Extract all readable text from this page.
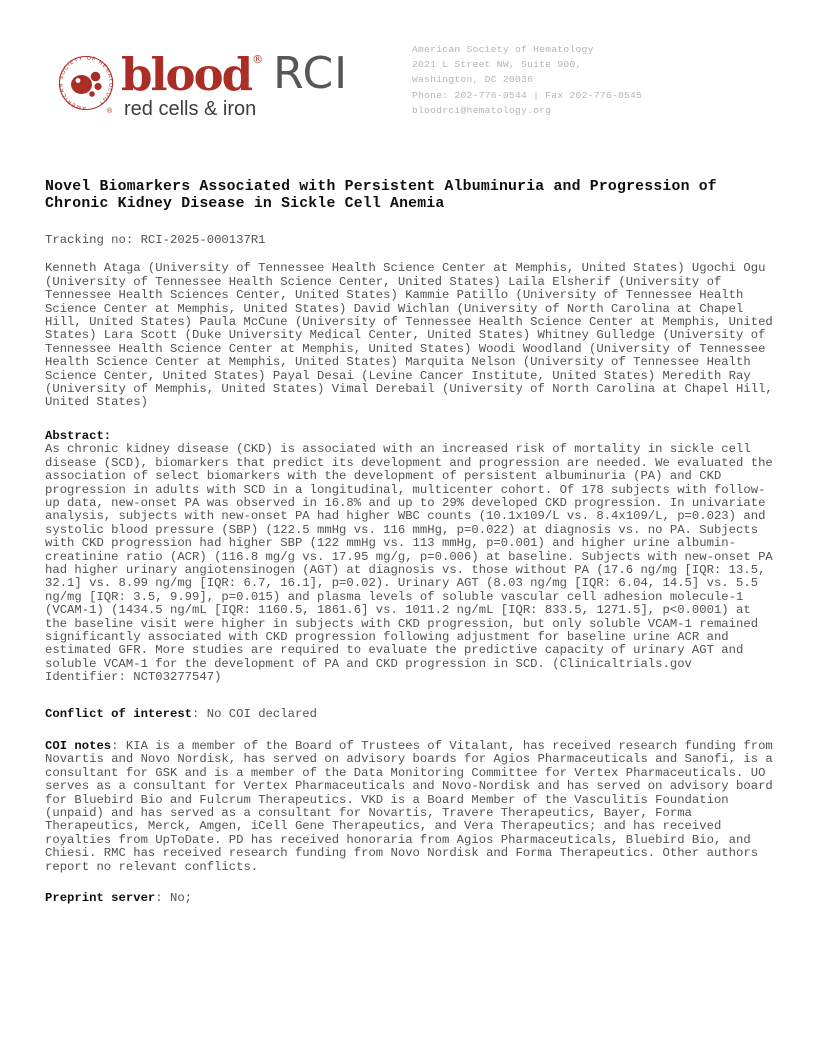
AMERICAN SOCIETY OF HEMATOLOGY
®
blood ® RCI
red cells & iron
American Society of Hematology
2021 L Street NW, Suite 900,
Washington, DC 20036
Phone: 202-776-0544 | Fax 202-776-0545
bloodrci@hematology.org
Novel Biomarkers Associated with Persistent Albuminuria and Progression of Chronic Kidney Disease in Sickle Cell Anemia

Tracking no: RCI-2025-000137R1

Kenneth Ataga (University of Tennessee Health Science Center at Memphis, United States) Ugochi Ogu (University of Tennessee Health Science Center, United States) Laila Elsherif (University of Tennessee Health Sciences Center, United States) Kammie Patillo (University of Tennessee Health Science Center at Memphis, United States) David Wichlan (University of North Carolina at Chapel Hill, United States) Paula McCune (University of Tennessee Health Science Center at Memphis, United States) Lara Scott (Duke University Medical Center, United States) Whitney Gulledge (University of Tennessee Health Science Center at Memphis, United States) Woodi Woodland (University of Tennessee Health Science Center at Memphis, United States) Marquita Nelson (University of Tennessee Health Science Center, United States) Payal Desai (Levine Cancer Institute, United States) Meredith Ray (University of Memphis, United States) Vimal Derebail (University of North Carolina at Chapel Hill, United States)

Abstract:

As chronic kidney disease (CKD) is associated with an increased risk of mortality in sickle cell disease (SCD), biomarkers that predict its development and progression are needed. We evaluated the association of select biomarkers with the development of persistent albuminuria (PA) and CKD progression in adults with SCD in a longitudinal, multicenter cohort. Of 178 subjects with follow-up data, new-onset PA was observed in 16.8% and up to 29% developed CKD progression. In univariate analysis, subjects with new-onset PA had higher WBC counts (10.1x109/L vs. 8.4x109/L, p=0.023) and systolic blood pressure (SBP) (122.5 mmHg vs. 116 mmHg, p=0.022) at diagnosis vs. no PA. Subjects with CKD progression had higher SBP (122 mmHg vs. 113 mmHg, p=0.001) and higher urine albumin-creatinine ratio (ACR) (116.8 mg/g vs. 17.95 mg/g, p=0.006) at baseline. Subjects with new-onset PA had higher urinary angiotensinogen (AGT) at diagnosis vs. those without PA (17.6 ng/mg [IQR: 13.5, 32.1] vs. 8.99 ng/mg [IQR: 6.7, 16.1], p=0.02). Urinary AGT (8.03 ng/mg [IQR: 6.04, 14.5] vs. 5.5 ng/mg [IQR: 3.5, 9.99], p=0.015) and plasma levels of soluble vascular cell adhesion molecule-1 (VCAM-1) (1434.5 ng/mL [IQR: 1160.5, 1861.6] vs. 1011.2 ng/mL [IQR: 833.5, 1271.5], p<0.0001) at the baseline visit were higher in subjects with CKD progression, but only soluble VCAM-1 remained significantly associated with CKD progression following adjustment for baseline urine ACR and estimated GFR. More studies are required to evaluate the predictive capacity of urinary AGT and soluble VCAM-1 for the development of PA and CKD progression in SCD. (Clinicaltrials.gov Identifier: NCT03277547)

Conflict of interest: No COI declared

COI notes: KIA is a member of the Board of Trustees of Vitalant, has received research funding from Novartis and Novo Nordisk, has served on advisory boards for Agios Pharmaceuticals and Sanofi, is a consultant for GSK and is a member of the Data Monitoring Committee for Vertex Pharmaceuticals. UO serves as a consultant for Vertex Pharmaceuticals and Novo-Nordisk and has served on advisory board for Bluebird Bio and Fulcrum Therapeutics. VKD is a Board Member of the Vasculitis Foundation (unpaid) and has served as a consultant for Novartis, Travere Therapeutics, Bayer, Forma Therapeutics, Merck, Amgen, iCell Gene Therapeutics, and Vera Therapeutics; and has received royalties from UpToDate. PD has received honoraria from Agios Pharmaceuticals, Bluebird Bio, and Chiesi. RMC has received research funding from Novo Nordisk and Forma Therapeutics. Other authors report no relevant conflicts.

Preprint server: No;
